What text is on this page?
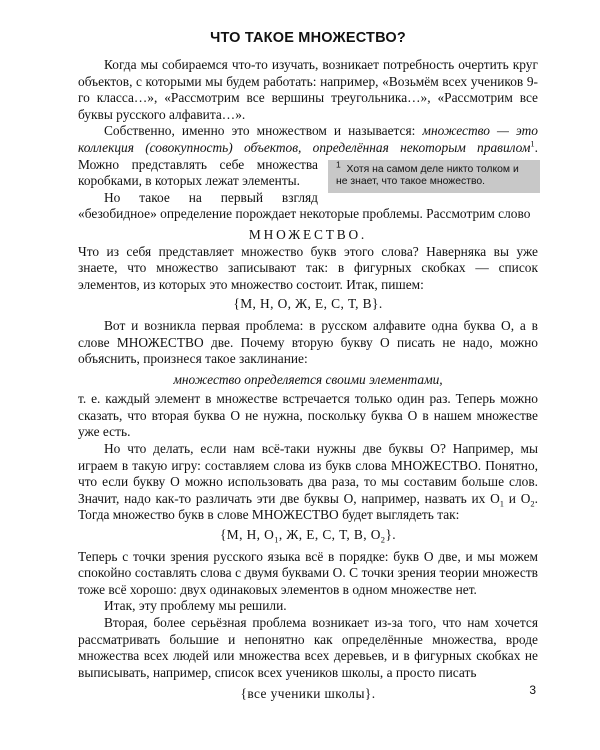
ЧТО ТАКОЕ МНОЖЕСТВО?

Когда мы собираемся что-то изучать, возникает потребность очертить круг объектов, с которыми мы будем работать: например, «Возьмём всех учеников 9-го класса…», «Рассмотрим все вершины треугольника…», «Рассмотрим все буквы русского алфавита…».

Собственно, именно это множеством и называется: множество — это коллекция (совокупность) объектов, определённая некоторым правилом$^1$
$^1$ Хотя на самом деле никто толком и не знает, что такое множество.
. Можно представлять себе множества коробками, в которых лежат элементы.

Но такое на первый взгляд «безобидное» определение порождает некоторые проблемы. Рассмотрим слово

МНОЖЕСТВО.

Что из себя представляет множество букв этого слова? Наверняка вы уже знаете, что множество записывают так: в фигурных скобках — список элементов, из которых это множество состоит. Итак, пишем:

{М, Н, О, Ж, Е, С, Т, В}.

Вот и возникла первая проблема: в русском алфавите одна буква О, а в слове МНОЖЕСТВО две. Почему вторую букву О писать не надо, можно объяснить, произнеся такое заклинание:

множество определяется своими элементами,

т. е. каждый элемент в множестве встречается только один раз. Теперь можно сказать, что вторая буква О не нужна, поскольку буква О в нашем множестве уже есть.

Но что делать, если нам всё-таки нужны две буквы О? Например, мы играем в такую игру: составляем слова из букв слова МНОЖЕСТВО. Понятно, что если букву О можно использовать два раза, то мы составим больше слов. Значит, надо как-то различать эти две буквы О, например, назвать их $О_1$ и $О_2$. Тогда множество букв в слове МНОЖЕСТВО будет выглядеть так:

{М, Н, $О_1$, Ж, Е, С, Т, В, $О_2$}.

Теперь с точки зрения русского языка всё в порядке: букв О две, и мы можем спокойно составлять слова с двумя буквами О. С точки зрения теории множеств тоже всё хорошо: двух одинаковых элементов в одном множестве нет.

Итак, эту проблему мы решили.

Вторая, более серьёзная проблема возникает из-за того, что нам хочется рассматривать большие и непонятно как определённые множества, вроде множества всех людей или множества всех деревьев, и в фигурных скобках не выписывать, например, список всех учеников школы, а просто писать

{все ученики школы}.	3
